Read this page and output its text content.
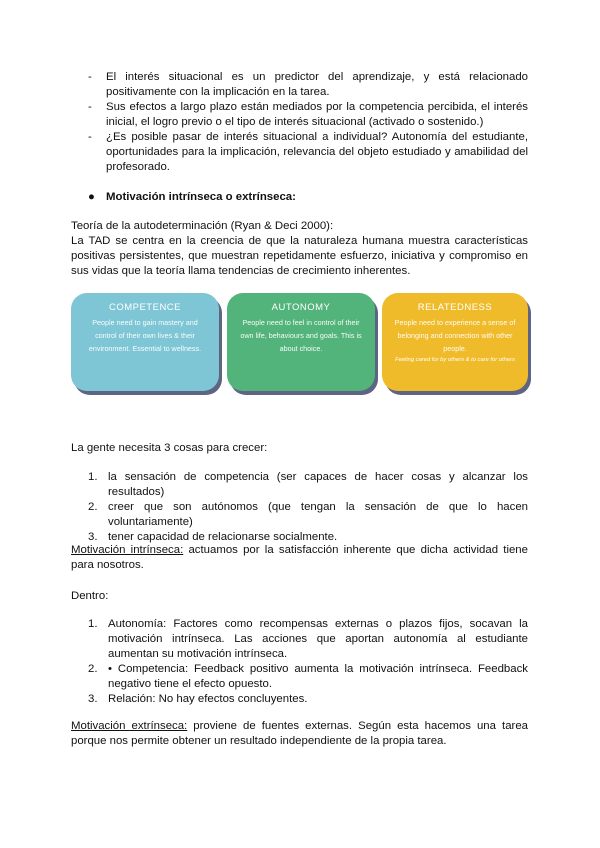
- El interés situacional es un predictor del aprendizaje, y está relacionado positivamente con la implicación en la tarea.
- Sus efectos a largo plazo están mediados por la competencia percibida, el interés inicial, el logro previo o el tipo de interés situacional (activado o sostenido.)
- ¿Es posible pasar de interés situacional a individual? Autonomía del estudiante, oportunidades para la implicación, relevancia del objeto estudiado y amabilidad del profesorado.
● Motivación intrínseca o extrínseca:
Teoría de la autodeterminación (Ryan & Deci 2000):
La TAD se centra en la creencia de que la naturaleza humana muestra características positivas persistentes, que muestran repetidamente esfuerzo, iniciativa y compromiso en sus vidas que la teoría llama tendencias de crecimiento inherentes.
COMPETENCE
People need to gain mastery and control of their own lives & their environment. Essential to wellness.
AUTONOMY
People need to feel in control of their own life, behaviours and goals. This is about choice.
RELATEDNESS
People need to experience a sense of belonging and connection with other people.
Feeling cared for by others & to care for others
La gente necesita 3 cosas para crecer:
1. la sensación de competencia (ser capaces de hacer cosas y alcanzar los resultados)
2. creer que son autónomos (que tengan la sensación de que lo hacen voluntariamente)
3. tener capacidad de relacionarse socialmente.
Motivación intrínseca: actuamos por la satisfacción inherente que dicha actividad tiene para nosotros.
Dentro:
1. Autonomía: Factores como recompensas externas o plazos fijos, socavan la motivación intrínseca. Las acciones que aportan autonomía al estudiante aumentan su motivación intrínseca.
2. • Competencia: Feedback positivo aumenta la motivación intrínseca. Feedback negativo tiene el efecto opuesto.
3. Relación: No hay efectos concluyentes.
Motivación extrínseca: proviene de fuentes externas. Según esta hacemos una tarea porque nos permite obtener un resultado independiente de la propia tarea.
